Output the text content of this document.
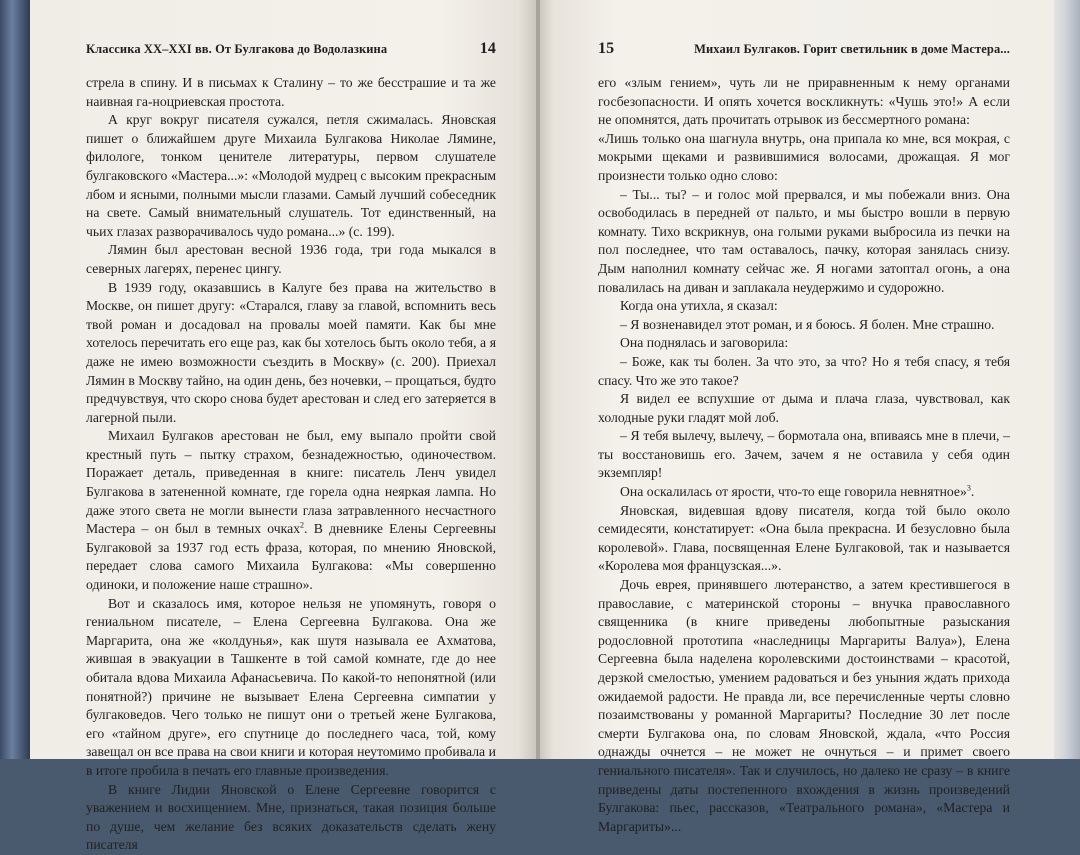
Классика XX–XXI вв. От Булгакова до Водолазкина	14

стрела в спину. И в письмах к Сталину – то же бесстрашие и та же наивная га-ноцриевская простота.

А круг вокруг писателя сужался, петля сжималась. Яновская пишет о ближайшем друге Михаила Булгакова Николае Лямине, филологе, тонком ценителе литературы, первом слушателе булгаковского «Мастера...»: «Молодой мудрец с высоким прекрасным лбом и ясными, полными мысли глазами. Самый лучший собеседник на свете. Самый внимательный слушатель. Тот единственный, на чьих глазах разворачивалось чудо романа...» (с. 199).

Лямин был арестован весной 1936 года, три года мыкался в северных лагерях, перенес цингу.

В 1939 году, оказавшись в Калуге без права на жительство в Москве, он пишет другу: «Старался, главу за главой, вспомнить весь твой роман и досадовал на провалы моей памяти. Как бы мне хотелось перечитать его еще раз, как бы хотелось быть около тебя, а я даже не имею возможности съездить в Москву» (с. 200). Приехал Лямин в Москву тайно, на один день, без ночевки, – прощаться, будто предчувствуя, что скоро снова будет арестован и след его затеряется в лагерной пыли.

Михаил Булгаков арестован не был, ему выпало пройти свой крестный путь – пытку страхом, безнадежностью, одиночеством. Поражает деталь, приведенная в книге: писатель Ленч увидел Булгакова в затененной комнате, где горела одна неяркая лампа. Но даже этого света не могли вынести глаза затравленного несчастного Мастера – он был в темных очках$^2$. В дневнике Елены Сергеевны Булгаковой за 1937 год есть фраза, которая, по мнению Яновской, передает слова самого Михаила Булгакова: «Мы совершенно одиноки, и положение наше страшно».

Вот и сказалось имя, которое нельзя не упомянуть, говоря о гениальном писателе, – Елена Сергеевна Булгакова. Она же Маргарита, она же «колдунья», как шутя называла ее Ахматова, жившая в эвакуации в Ташкенте в той самой комнате, где до нее обитала вдова Михаила Афанасьевича. По какой-то непонятной (или понятной?) причине не вызывает Елена Сергеевна симпатии у булгаковедов. Чего только не пишут они о третьей жене Булгакова, его «тайном друге», его спутнице до последнего часа, той, кому завещал он все права на свои книги и которая неутомимо пробивала и в итоге пробила в печать его главные произведения.

В книге Лидии Яновской о Елене Сергеевне говорится с уважением и восхищением. Мне, признаться, такая позиция больше по душе, чем желание без всяких доказательств сделать жену писателя

15	Михаил Булгаков. Горит светильник в доме Мастера...

его «злым гением», чуть ли не приравненным к нему органами госбезопасности. И опять хочется воскликнуть: «Чушь это!» А если не опомнятся, дать прочитать отрывок из бессмертного романа:

«Лишь только она шагнула внутрь, она припала ко мне, вся мокрая, с мокрыми щеками и развившимися волосами, дрожащая. Я мог произнести только одно слово:

– Ты... ты? – и голос мой прервался, и мы побежали вниз. Она освободилась в передней от пальто, и мы быстро вошли в первую комнату. Тихо вскрикнув, она голыми руками выбросила из печки на пол последнее, что там оставалось, пачку, которая занялась снизу. Дым наполнил комнату сейчас же. Я ногами затоптал огонь, а она повалилась на диван и заплакала неудержимо и судорожно.

Когда она утихла, я сказал:

– Я возненавидел этот роман, и я боюсь. Я болен. Мне страшно.

Она поднялась и заговорила:

– Боже, как ты болен. За что это, за что? Но я тебя спасу, я тебя спасу. Что же это такое?

Я видел ее вспухшие от дыма и плача глаза, чувствовал, как холодные руки гладят мой лоб.

– Я тебя вылечу, вылечу, – бормотала она, впиваясь мне в плечи, – ты восстановишь его. Зачем, зачем я не оставила у себя один экземпляр!

Она оскалилась от ярости, что-то еще говорила невнятное»$^3$.

Яновская, видевшая вдову писателя, когда той было около семидесяти, констатирует: «Она была прекрасна. И безусловно была королевой». Глава, посвященная Елене Булгаковой, так и называется «Королева моя французская...».

Дочь еврея, принявшего лютеранство, а затем крестившегося в православие, с материнской стороны – внучка православного священника (в книге приведены любопытные разыскания родословной прототипа «наследницы Маргариты Валуа»), Елена Сергеевна была наделена королевскими достоинствами – красотой, дерзкой смелостью, умением радоваться и без уныния ждать прихода ожидаемой радости. Не правда ли, все перечисленные черты словно позаимствованы у романной Маргариты? Последние 30 лет после смерти Булгакова она, по словам Яновской, ждала, «что Россия однажды очнется – не может не очнуться – и примет своего гениального писателя». Так и случилось, но далеко не сразу – в книге приведены даты постепенного вхождения в жизнь произведений Булгакова: пьес, рассказов, «Театрального романа», «Мастера и Маргариты»...
